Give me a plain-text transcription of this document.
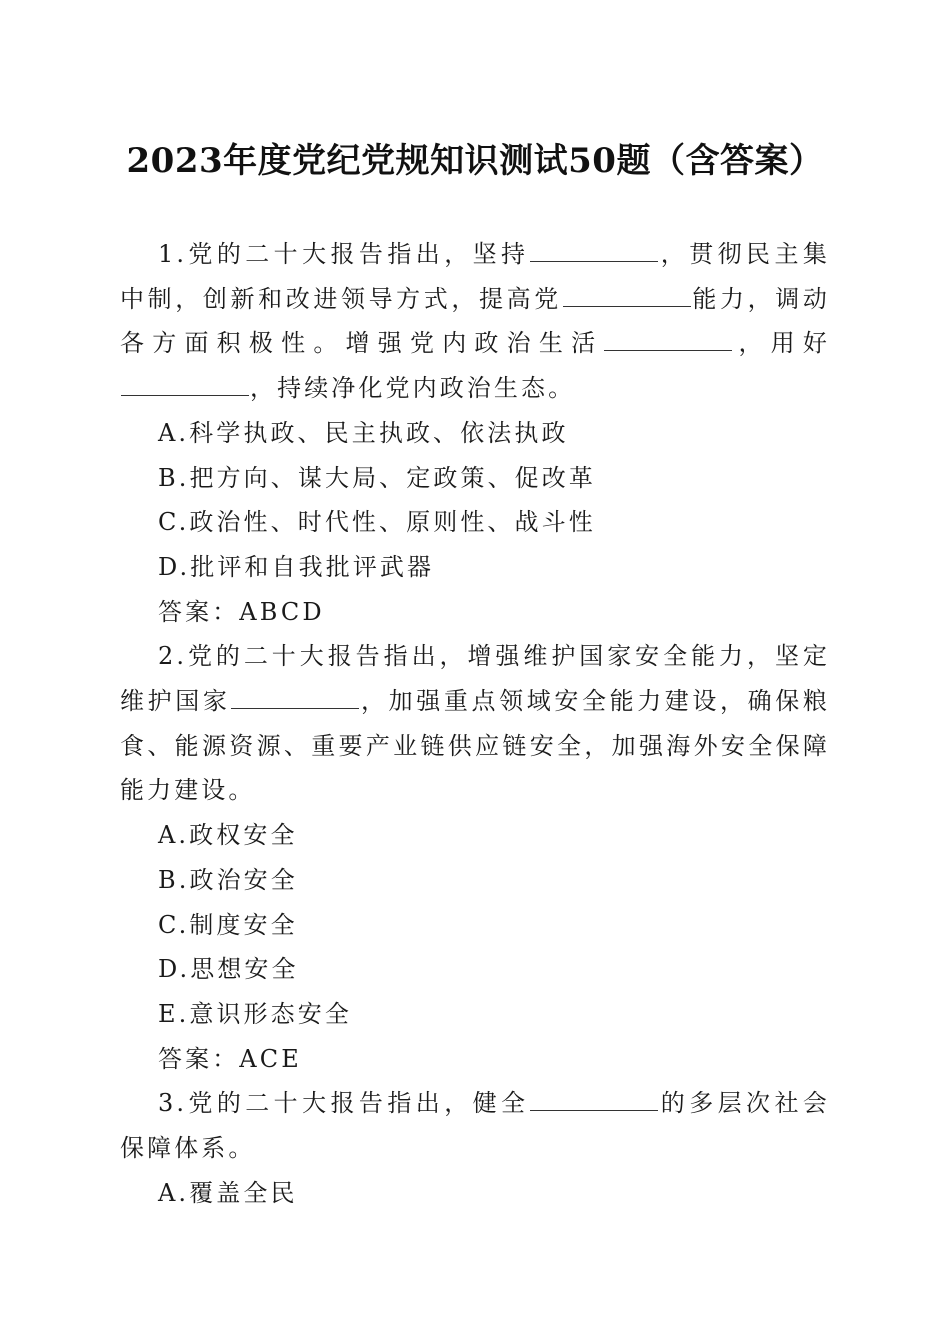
2023年度党纪党规知识测试50题（含答案）

1.党的二十大报告指出，坚持	，贯彻民主集中制，创新和改进领导方式，提高党	能力，调动各方面积极性。增强党内政治生活	，用好，持续净化党内政治生态。

A.科学执政、民主执政、依法执政

B.把方向、谋大局、定政策、促改革

C.政治性、时代性、原则性、战斗性

D.批评和自我批评武器

答案：ABCD

2.党的二十大报告指出，增强维护国家安全能力，坚定维护国家	，加强重点领域安全能力建设，确保粮食、能源资源、重要产业链供应链安全，加强海外安全保障能力建设。

A.政权安全

B.政治安全

C.制度安全

D.思想安全

E.意识形态安全

答案：ACE

3.党的二十大报告指出，健全	的多层次社会保障体系。

A.覆盖全民
